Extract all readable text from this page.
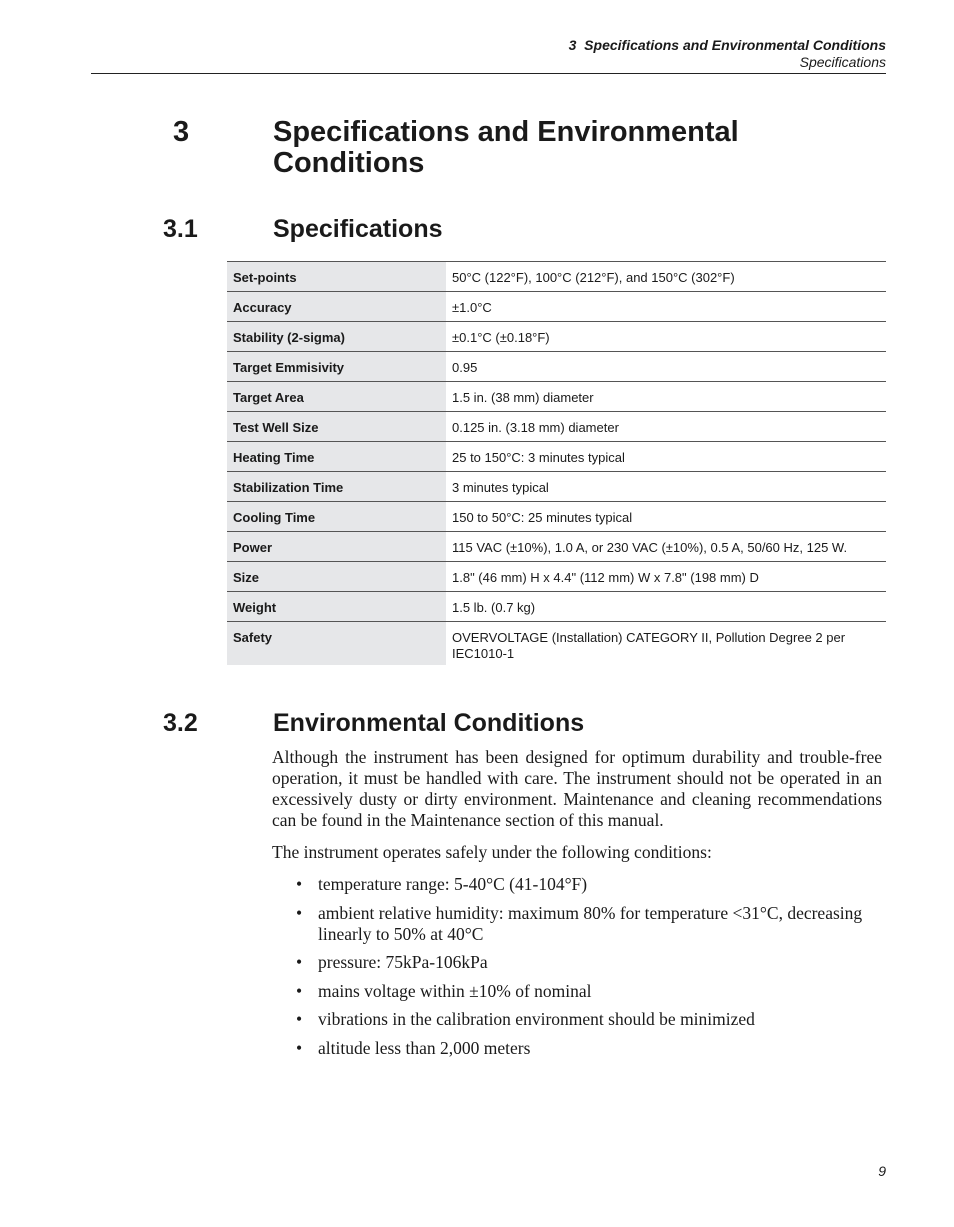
3  Specifications and Environmental Conditions
Specifications
3	Specifications and Environmental
Conditions
3.1	Specifications
Set-points	50°C (122°F), 100°C (212°F), and 150°C (302°F)
Accuracy	±1.0°C
Stability (2-sigma)	±0.1°C (±0.18°F)
Target Emmisivity	0.95
Target Area	1.5 in. (38 mm) diameter
Test Well Size	0.125 in. (3.18 mm) diameter
Heating Time	25 to 150°C: 3 minutes typical
Stabilization Time	3 minutes typical
Cooling Time	150 to 50°C: 25 minutes typical
Power	115 VAC (±10%), 1.0 A, or 230 VAC (±10%), 0.5 A, 50/60 Hz, 125 W.
Size	1.8" (46 mm) H x 4.4" (112 mm) W x 7.8" (198 mm) D
Weight	1.5 lb. (0.7 kg)
Safety	OVERVOLTAGE (Installation) CATEGORY II, Pollution Degree 2 per IEC1010-1
3.2	Environmental Conditions
Although the instrument has been designed for optimum durability and trouble-free operation, it must be handled with care. The instrument should not be operated in an excessively dusty or dirty environment. Maintenance and cleaning recommendations can be found in the Maintenance section of this manual.
The instrument operates safely under the following conditions:
• temperature range: 5-40°C (41-104°F)
• ambient relative humidity: maximum 80% for temperature <31°C, decreasing linearly to 50% at 40°C
• pressure: 75kPa-106kPa
• mains voltage within ±10% of nominal
• vibrations in the calibration environment should be minimized
• altitude less than 2,000 meters
9
